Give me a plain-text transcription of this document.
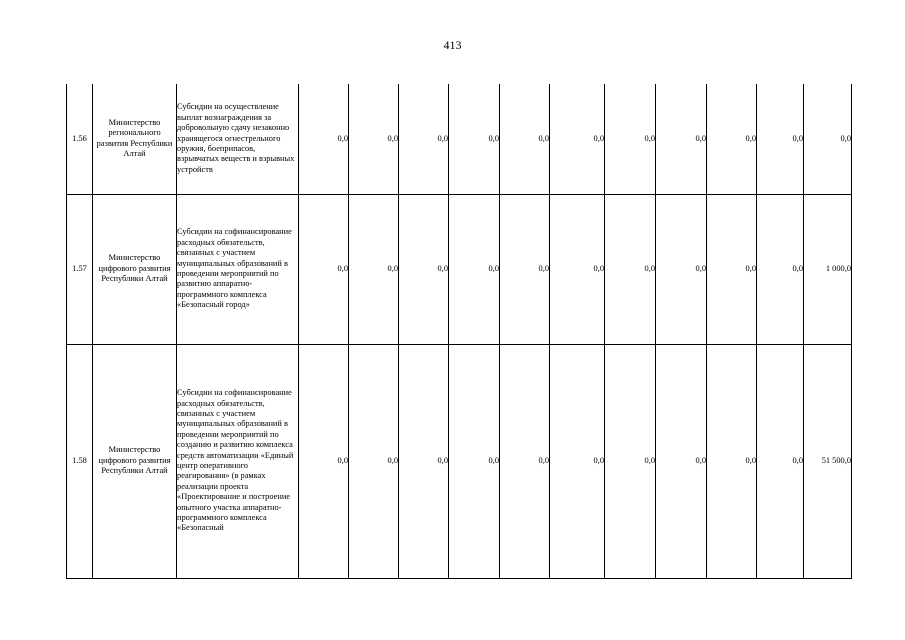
413
1.56	Министерство регионального развития Республики Алтай	Субсидии на осуществление выплат вознаграждения за добровольную сдачу незаконно хранящегося огнестрельного оружия, боеприпасов, взрывчатых веществ и взрывных устройств	0,0	0,0	0,0	0,0	0,0	0,0	0,0	0,0	0,0	0,0	0,0
1.57	Министерство цифрового развития Республики Алтай	Субсидии на софинансирование расходных обязательств, связанных с участием муниципальных образований в проведении мероприятий по развитию аппаратно-программного комплекса «Безопасный город»	0,0	0,0	0,0	0,0	0,0	0,0	0,0	0,0	0,0	0,0	1 000,0
1.58	Министерство цифрового развития Республики Алтай	Субсидии на софинансирование расходных обязательств, связанных с участием муниципальных образований в проведении мероприятий по созданию и развитию комплекса средств автоматизации «Единый центр оперативного реагирования» (в рамках реализации проекта «Проектирование и построение опытного участка аппаратно-программного комплекса «Безопасный	0,0	0,0	0,0	0,0	0,0	0,0	0,0	0,0	0,0	0,0	51 500,0
